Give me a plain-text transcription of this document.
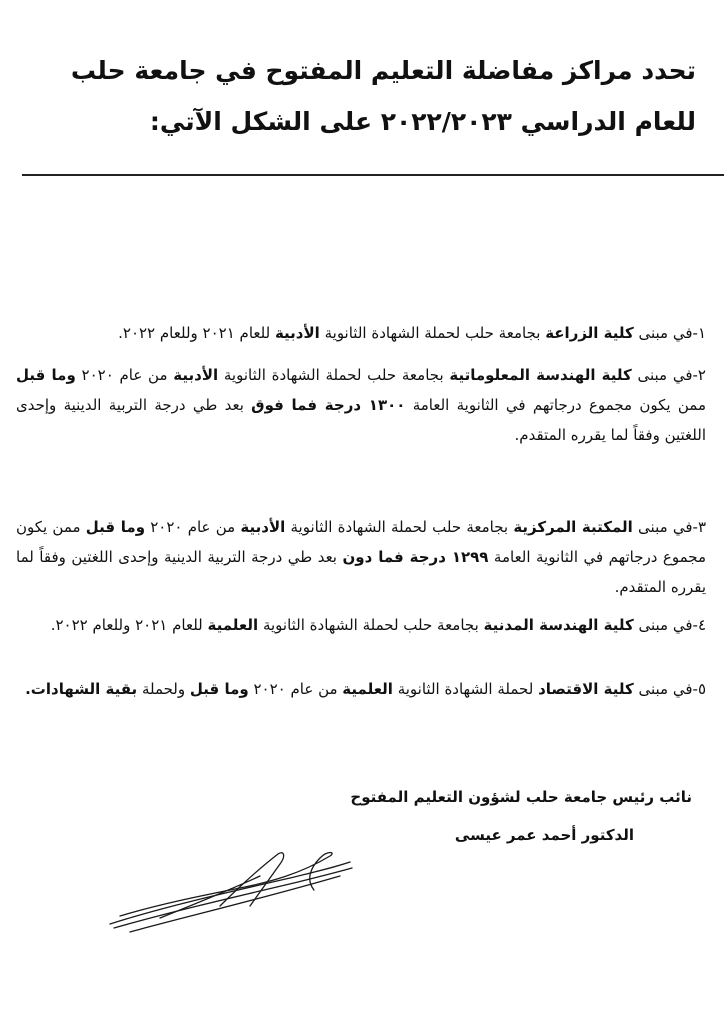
تحدد مراكز مفاضلة التعليم المفتوح في جامعة حلب
للعام الدراسي ٢٠٢٢/٢٠٢٣ على الشكل الآتي:
١-في مبنى كلية الزراعة بجامعة حلب لحملة الشهادة الثانوية الأدبية للعام ٢٠٢١ وللعام ٢٠٢٢.
٢-في مبنى كلية الهندسة المعلوماتية بجامعة حلب لحملة الشهادة الثانوية الأدبية من عام ٢٠٢٠ وما قبل ممن يكون مجموع درجاتهم في الثانوية العامة ١٣٠٠ درجة فما فوق بعد طي درجة التربية الدينية وإحدى اللغتين وفقاً لما يقرره المتقدم.
٣-في مبنى المكتبة المركزية بجامعة حلب لحملة الشهادة الثانوية الأدبية من عام ٢٠٢٠ وما قبل ممن يكون مجموع درجاتهم في الثانوية العامة ١٢٩٩ درجة فما دون بعد طي درجة التربية الدينية وإحدى اللغتين وفقاً لما يقرره المتقدم.
٤-في مبنى كلية الهندسة المدنية بجامعة حلب لحملة الشهادة الثانوية العلمية للعام ٢٠٢١ وللعام ٢٠٢٢.
٥-في مبنى كلية الاقتصاد لحملة الشهادة الثانوية العلمية من عام ٢٠٢٠ وما قبل ولحملة بقية الشهادات.
نائب رئيس جامعة حلب لشؤون التعليم المفتوح
الدكتور أحمد عمر عيسى
